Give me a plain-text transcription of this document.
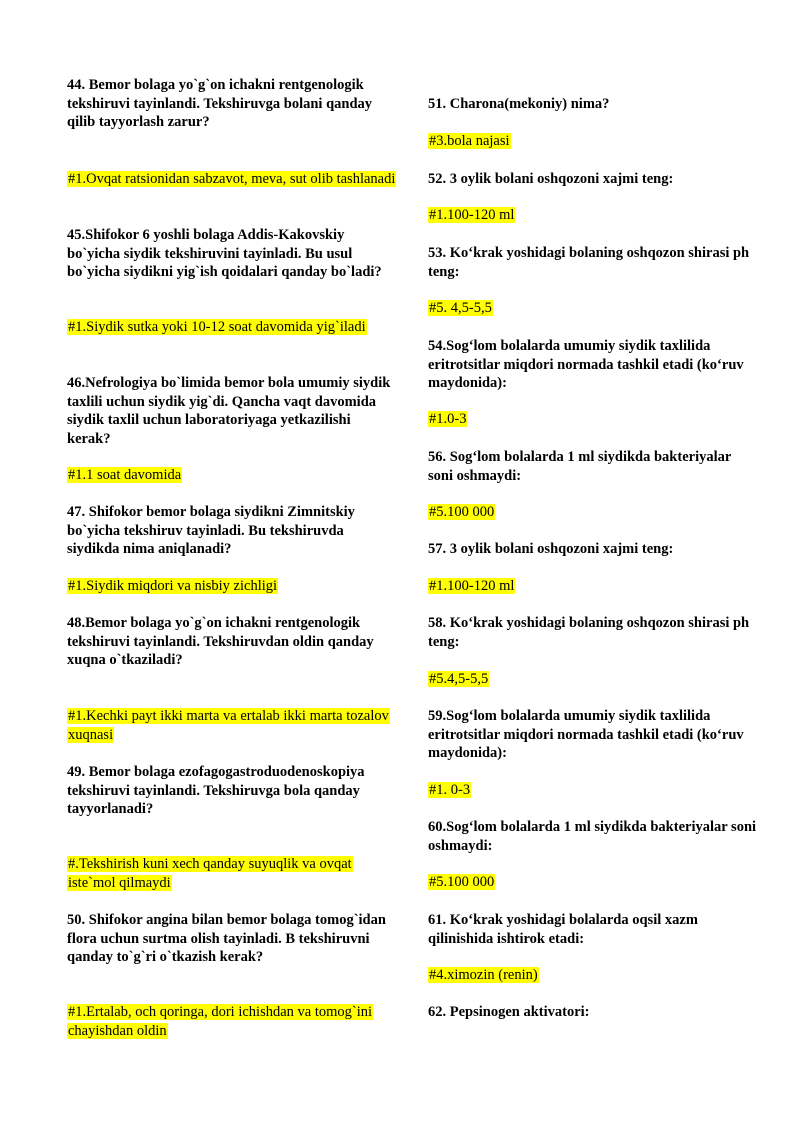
44. Bemor bolaga yo`g`on ichakni rentgenologik tekshiruvi tayinlandi. Tekshiruvga bolani qanday qilib tayyorlash zarur?
#1.Ovqat ratsionidan sabzavot, meva, sut olib tashlanadi
45.Shifokor 6 yoshli bolaga Addis-Kakovskiy bo`yicha siydik tekshiruvini tayinladi. Bu usul bo`yicha siydikni yig`ish qoidalari qanday bo`ladi?
#1.Siydik sutka yoki 10-12 soat davomida yig`iladi
46.Nefrologiya bo`limida bemor bola umumiy siydik taxlili uchun siydik yig`di. Qancha vaqt davomida siydik taxlil uchun laboratoriyaga yetkazilishi kerak?
#1.1 soat davomida
47. Shifokor bemor bolaga siydikni Zimnitskiy bo`yicha tekshiruv tayinladi. Bu tekshiruvda siydikda nima aniqlanadi?
#1.Siydik miqdori va nisbiy zichligi
48.Bemor bolaga yo`g`on ichakni rentgenologik tekshiruvi tayinlandi. Tekshiruvdan oldin qanday xuqna o`tkaziladi?
#1.Kechki payt ikki marta va ertalab ikki marta tozalov xuqnasi
49. Bemor bolaga ezofagogastroduodenoskopiya tekshiruvi tayinlandi. Tekshiruvga bola qanday tayyorlanadi?
#.Tekshirish kuni xech qanday suyuqlik va ovqat iste`mol qilmaydi
50. Shifokor angina bilan bemor bolaga tomog`idan flora uchun surtma olish tayinladi. B tekshiruvni qanday to`g`ri o`tkazish kerak?
#1.Ertalab, och qoringa, dori ichishdan va tomog`ini chayishdan oldin
51. Charona(mekoniy) nima?
#3.bola najasi
52. 3 oylik bolani oshqozoni xajmi teng:
#1.100-120 ml
53. Ko‘krak yoshidagi bolaning oshqozon shirasi ph teng:
#5. 4,5-5,5
54.Sog‘lom bolalarda umumiy siydik taxlilida eritrotsitlar miqdori normada tashkil etadi (ko‘ruv maydonida):
#1.0-3
56. Sog‘lom bolalarda 1 ml siydikda bakteriyalar soni oshmaydi:
#5.100 000
57. 3 oylik bolani oshqozoni xajmi teng:
#1.100-120 ml
58. Ko‘krak yoshidagi bolaning oshqozon shirasi ph teng:
#5.4,5-5,5
59.Sog‘lom bolalarda umumiy siydik taxlilida eritrotsitlar miqdori normada tashkil etadi (ko‘ruv maydonida):
#1. 0-3
60.Sog‘lom bolalarda 1 ml siydikda bakteriyalar soni oshmaydi:
#5.100 000
61. Ko‘krak yoshidagi bolalarda oqsil xazm qilinishida ishtirok etadi:
#4.ximozin (renin)
62. Pepsinogen aktivatori:
